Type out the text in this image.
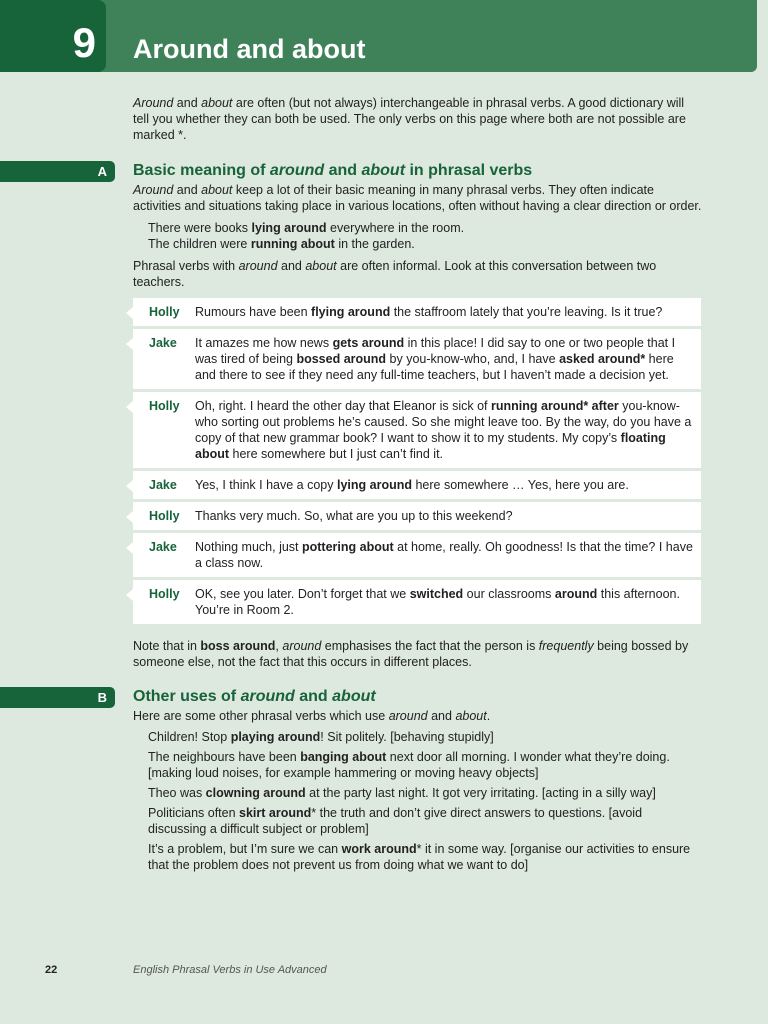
9 Around and about

Around and about are often (but not always) interchangeable in phrasal verbs. A good dictionary will tell you whether they can both be used. The only verbs on this page where both are not possible are marked *.

A Basic meaning of around and about in phrasal verbs

Around and about keep a lot of their basic meaning in many phrasal verbs. They often indicate activities and situations taking place in various locations, often without having a clear direction or order.

There were books lying around everywhere in the room.

The children were running about in the garden.

Phrasal verbs with around and about are often informal. Look at this conversation between two teachers.

Holly	Rumours have been flying around the staffroom lately that you’re leaving. Is it true?
Jake	It amazes me how news gets around in this place! I did say to one or two people that I was tired of being bossed around by you-know-who, and, I have asked around* here and there to see if they need any full-time teachers, but I haven’t made a decision yet.
Holly	Oh, right. I heard the other day that Eleanor is sick of running around* after you-know-who sorting out problems he’s caused. So she might leave too. By the way, do you have a copy of that new grammar book? I want to show it to my students. My copy’s floating about here somewhere but I just can’t find it.
Jake	Yes, I think I have a copy lying around here somewhere … Yes, here you are.
Holly	Thanks very much. So, what are you up to this weekend?
Jake	Nothing much, just pottering about at home, really. Oh goodness! Is that the time? I have a class now.
Holly	OK, see you later. Don’t forget that we switched our classrooms around this afternoon. You’re in Room 2.

Note that in boss around, around emphasises the fact that the person is frequently being bossed by someone else, not the fact that this occurs in different places.

B Other uses of around and about

Here are some other phrasal verbs which use around and about.

Children! Stop playing around! Sit politely. [behaving stupidly]

The neighbours have been banging about next door all morning. I wonder what they’re doing. [making loud noises, for example hammering or moving heavy objects]

Theo was clowning around at the party last night. It got very irritating. [acting in a silly way]

Politicians often skirt around* the truth and don’t give direct answers to questions. [avoid discussing a difficult subject or problem]

It’s a problem, but I’m sure we can work around* it in some way. [organise our activities to ensure that the problem does not prevent us from doing what we want to do]

22	English Phrasal Verbs in Use Advanced
